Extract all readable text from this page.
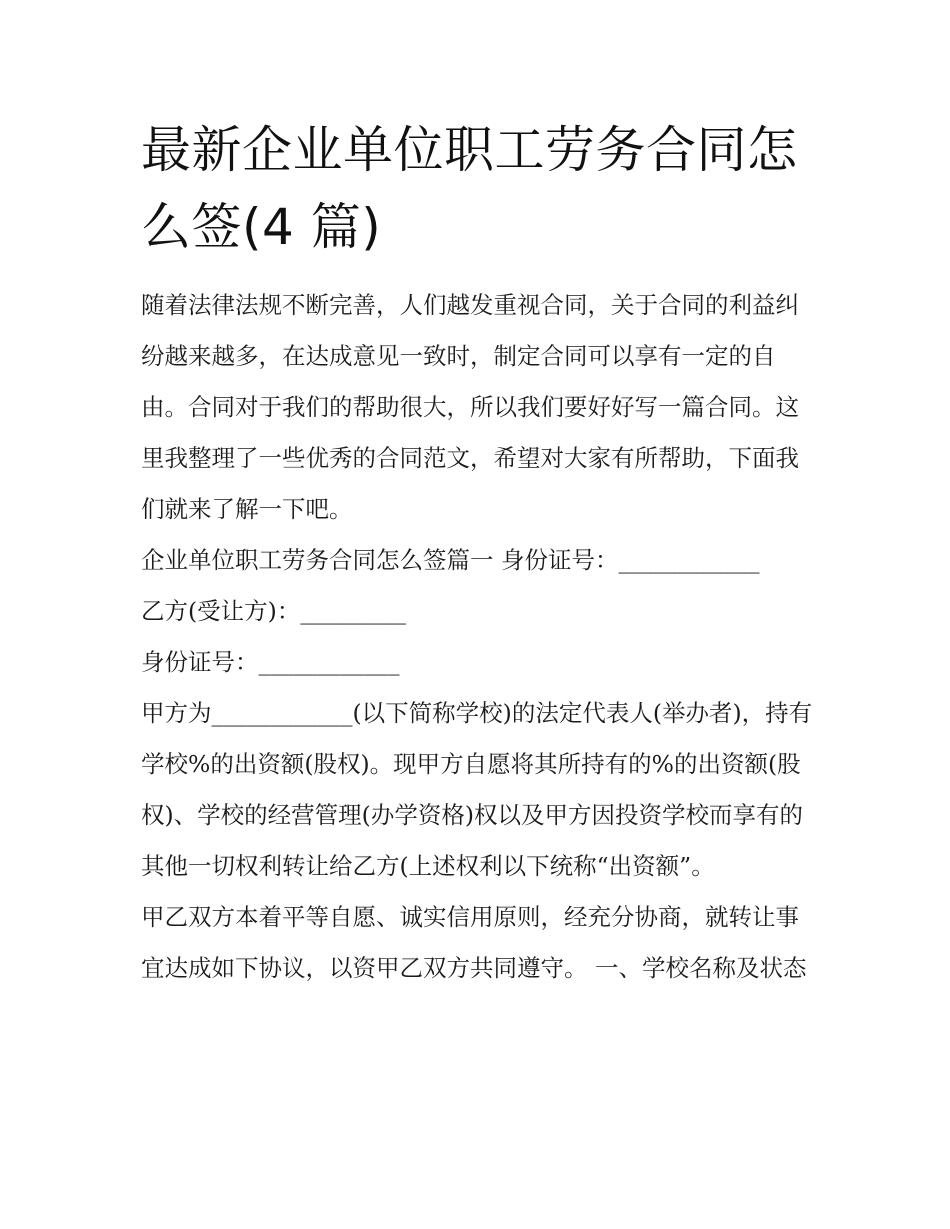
最新企业单位职工劳务合同怎
么签(4 篇)

随着法律法规不断完善，人们越发重视合同，关于合同的利益纠纷越来越多，在达成意见一致时，制定合同可以享有一定的自由。合同对于我们的帮助很大，所以我们要好好写一篇合同。这里我整理了一些优秀的合同范文，希望对大家有所帮助，下面我们就来了解一下吧。

企业单位职工劳务合同怎么签篇一 身份证号：____________

乙方(受让方)：_________

身份证号：____________

甲方为____________(以下简称学校)的法定代表人(举办者)，持有学校%的出资额(股权)。现甲方自愿将其所持有的%的出资额(股权)、学校的经营管理(办学资格)权以及甲方因投资学校而享有的其他一切权利转让给乙方(上述权利以下统称“出资额”。

甲乙双方本着平等自愿、诚实信用原则，经充分协商，就转让事宜达成如下协议，以资甲乙双方共同遵守。 一、学校名称及状态
